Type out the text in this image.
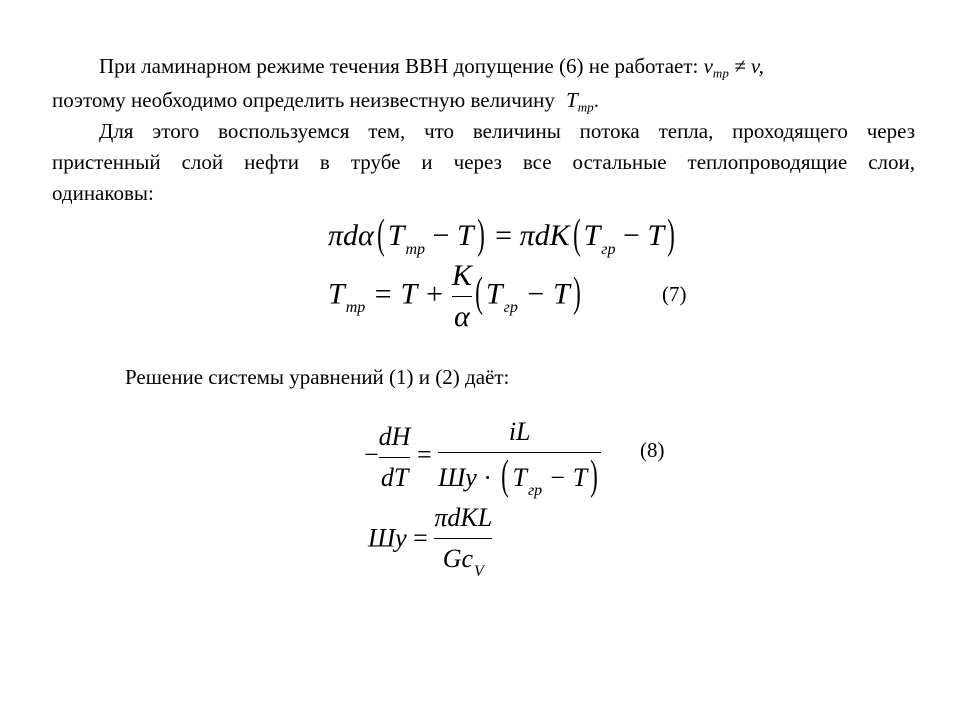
При ламинарном режиме течения ВВН допущение (6) не работает: $v_{тр} \ne v$,
поэтому необходимо определить неизвестную величину $T_{тр}$.
Для этого воспользуемся тем, что величины потока тепла, проходящего через
пристенный слой нефти в трубе и через все остальные теплопроводящие слои,
одинаковы:
πdα( $T_{тр} - T) = \pi dK$( $T_{гр} - T$)
$T_{тр} = T + \frac{K}{\alpha}$ ( $T_{гр} - T$)	(7)
Решение системы уравнений (1) и (2) даёт:
− $\frac{dH}{dT} = \frac{iL}{Шу \cdot ( T_{гр} - T)} (8)$
Шу = $\frac{\text{πdKL}}{Gc_V}$
